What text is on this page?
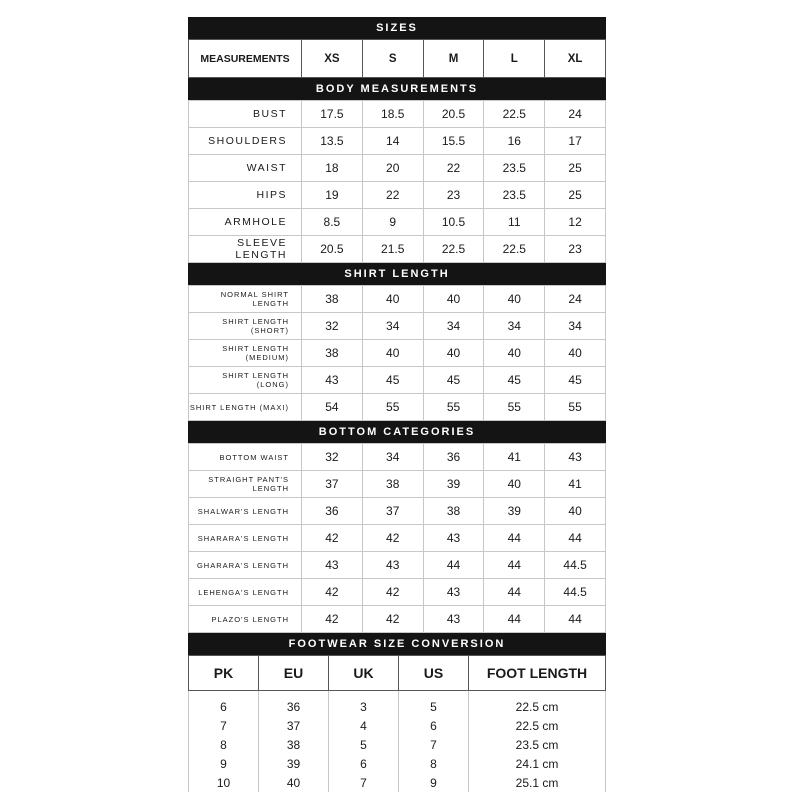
SIZES
MEASUREMENTS	XS	S	M	L	XL
BODY MEASUREMENTS
BUST	17.5	18.5	20.5	22.5	24
SHOULDERS	13.5	14	15.5	16	17
WAIST	18	20	22	23.5	25
HIPS	19	22	23	23.5	25
ARMHOLE	8.5	9	10.5	11	12
SLEEVE LENGTH	20.5	21.5	22.5	22.5	23
SHIRT LENGTH
NORMAL SHIRT LENGTH	38	40	40	40	24
SHIRT LENGTH (SHORT)	32	34	34	34	34
SHIRT LENGTH (MEDIUM)	38	40	40	40	40
SHIRT LENGTH (LONG)	43	45	45	45	45
SHIRT LENGTH (MAXI)	54	55	55	55	55
BOTTOM CATEGORIES
BOTTOM WAIST	32	34	36	41	43
STRAIGHT PANT'S LENGTH	37	38	39	40	41
SHALWAR'S LENGTH	36	37	38	39	40
SHARARA'S LENGTH	42	42	43	44	44
GHARARA'S LENGTH	43	43	44	44	44.5
LEHENGA'S LENGTH	42	42	43	44	44.5
PLAZO'S LENGTH	42	42	43	44	44
FOOTWEAR SIZE CONVERSION
PK	EU	UK	US	FOOT LENGTH
6	36	3	5	22.5 cm
7	37	4	6	22.5 cm
8	38	5	7	23.5 cm
9	39	6	8	24.1 cm
10	40	7	9	25.1 cm
